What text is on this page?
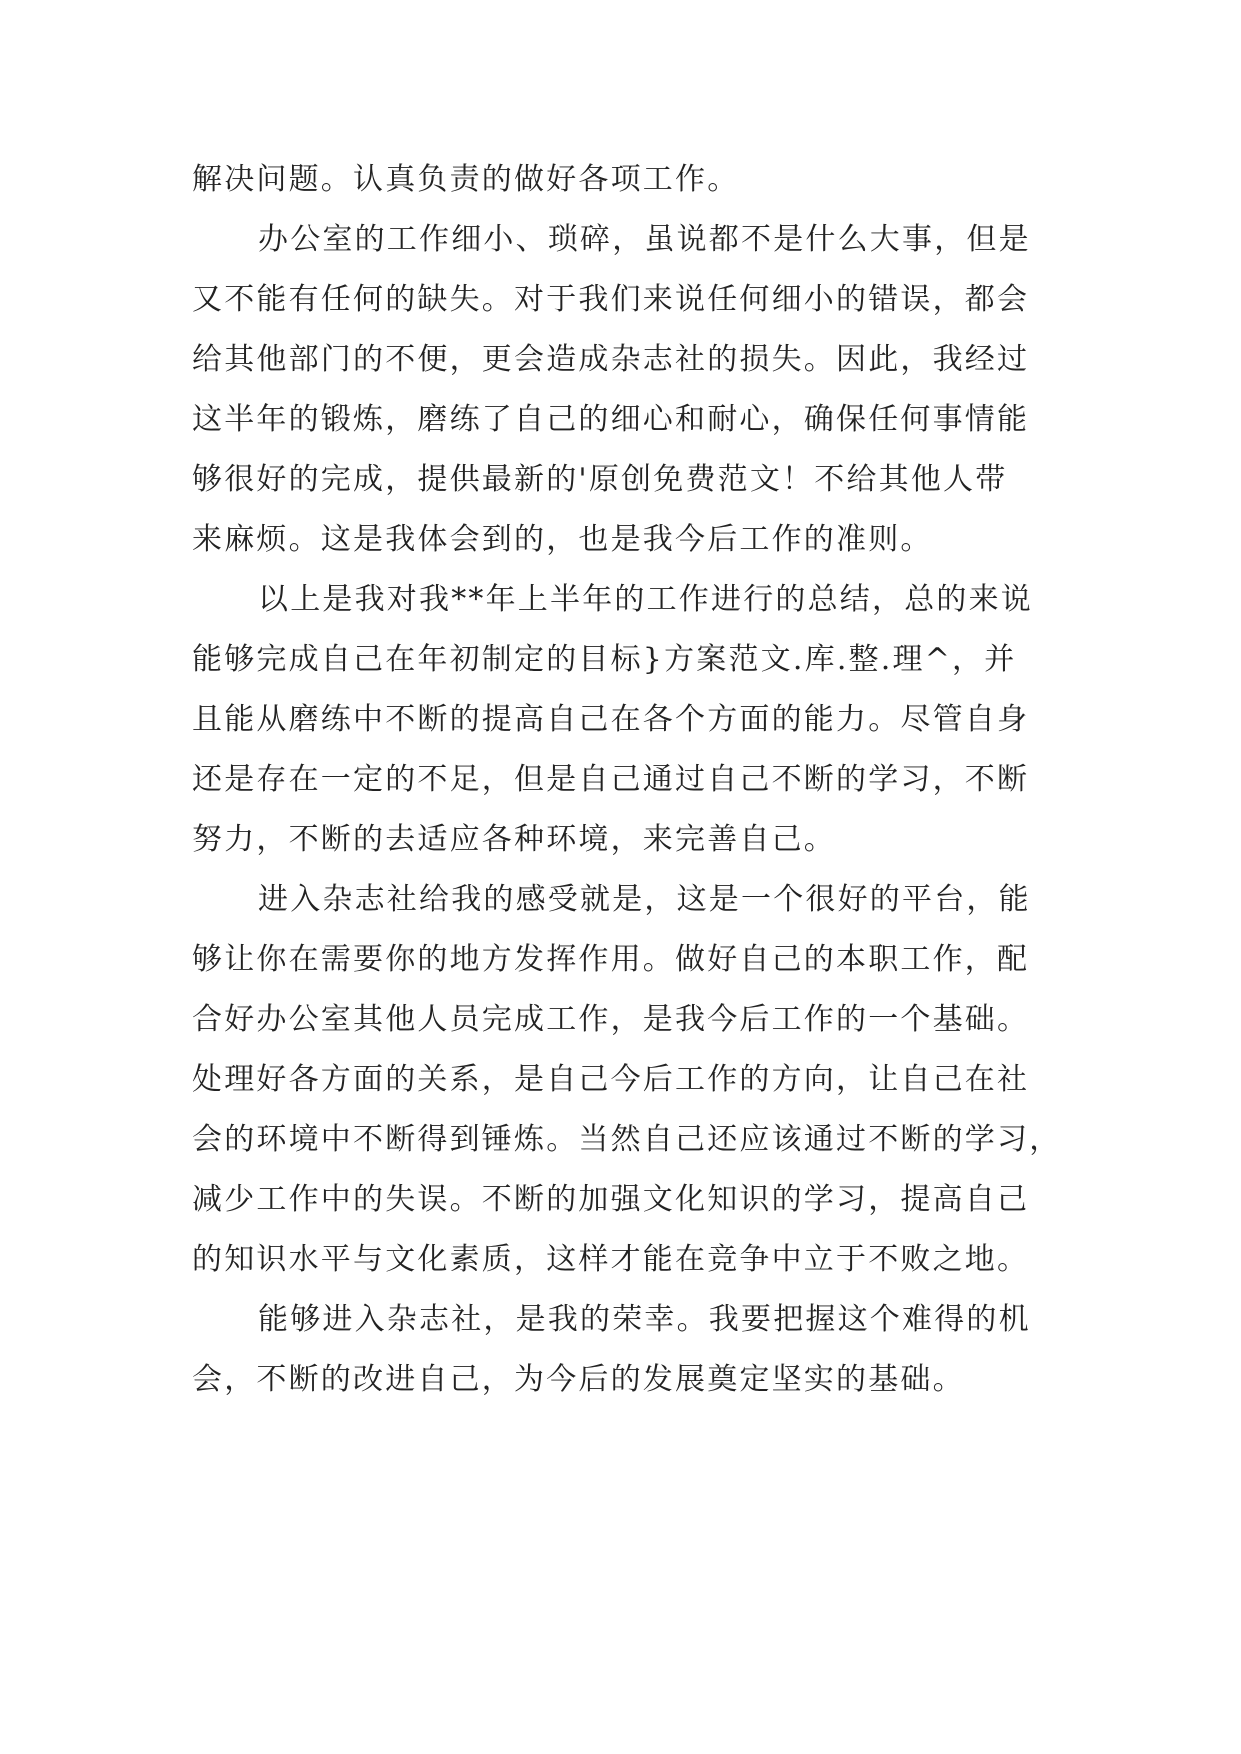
解决问题。认真负责的做好各项工作。
办公室的工作细小、琐碎，虽说都不是什么大事，但是
又不能有任何的缺失。对于我们来说任何细小的错误，都会
给其他部门的不便，更会造成杂志社的损失。因此，我经过
这半年的锻炼，磨练了自己的细心和耐心，确保任何事情能
够很好的完成，提供最新的'原创免费范文！不给其他人带
来麻烦。这是我体会到的，也是我今后工作的准则。
以上是我对我**年上半年的工作进行的总结，总的来说
能够完成自己在年初制定的目标}方案范文.库.整.理^，并
且能从磨练中不断的提高自己在各个方面的能力。尽管自身
还是存在一定的不足，但是自己通过自己不断的学习，不断
努力，不断的去适应各种环境，来完善自己。
进入杂志社给我的感受就是，这是一个很好的平台，能
够让你在需要你的地方发挥作用。做好自己的本职工作，配
合好办公室其他人员完成工作，是我今后工作的一个基础。
处理好各方面的关系，是自己今后工作的方向，让自己在社
会的环境中不断得到锤炼。当然自己还应该通过不断的学习，
减少工作中的失误。不断的加强文化知识的学习，提高自己
的知识水平与文化素质，这样才能在竞争中立于不败之地。
能够进入杂志社，是我的荣幸。我要把握这个难得的机
会，不断的改进自己，为今后的发展奠定坚实的基础。
